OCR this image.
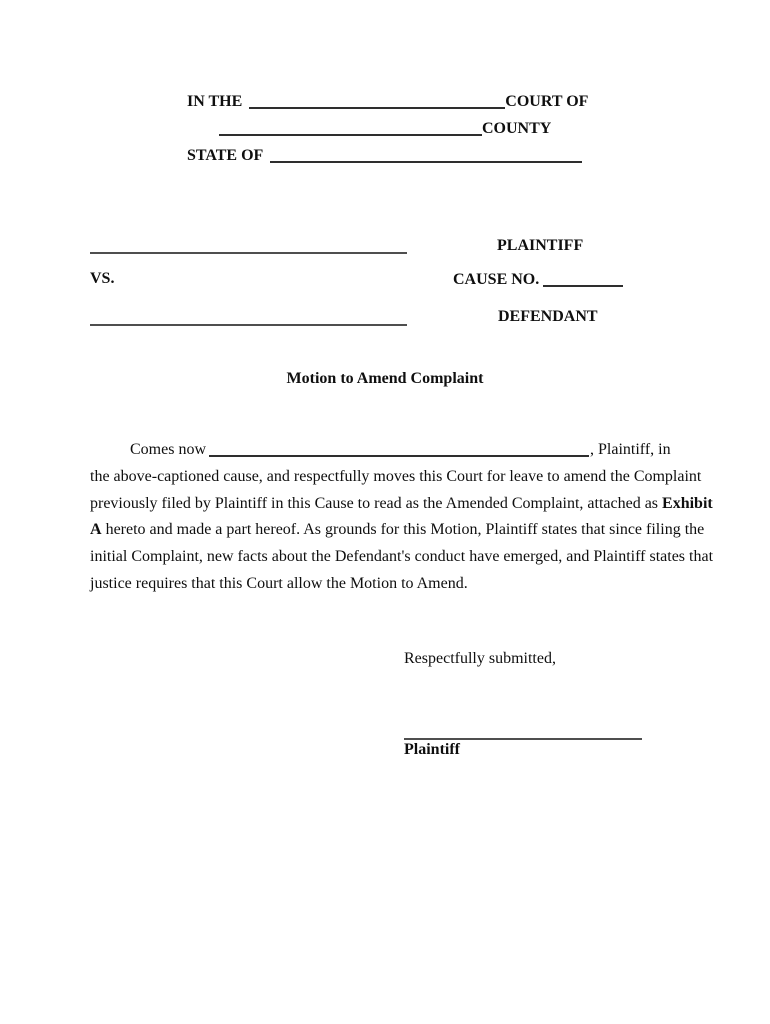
IN THE	COURT OF
COUNTY
STATE OF
PLAINTIFF
VS.	CAUSE NO.
DEFENDANT
Motion to Amend Complaint
Comes now	, Plaintiff, in
the above-captioned cause, and respectfully moves this Court for leave to amend the Complaint
previously filed by Plaintiff in this Cause to read as the Amended Complaint, attached as Exhibit
A hereto and made a part hereof. As grounds for this Motion, Plaintiff states that since filing the
initial Complaint, new facts about the Defendant's conduct have emerged, and Plaintiff states that
justice requires that this Court allow the Motion to Amend.
Respectfully submitted,
Plaintiff
